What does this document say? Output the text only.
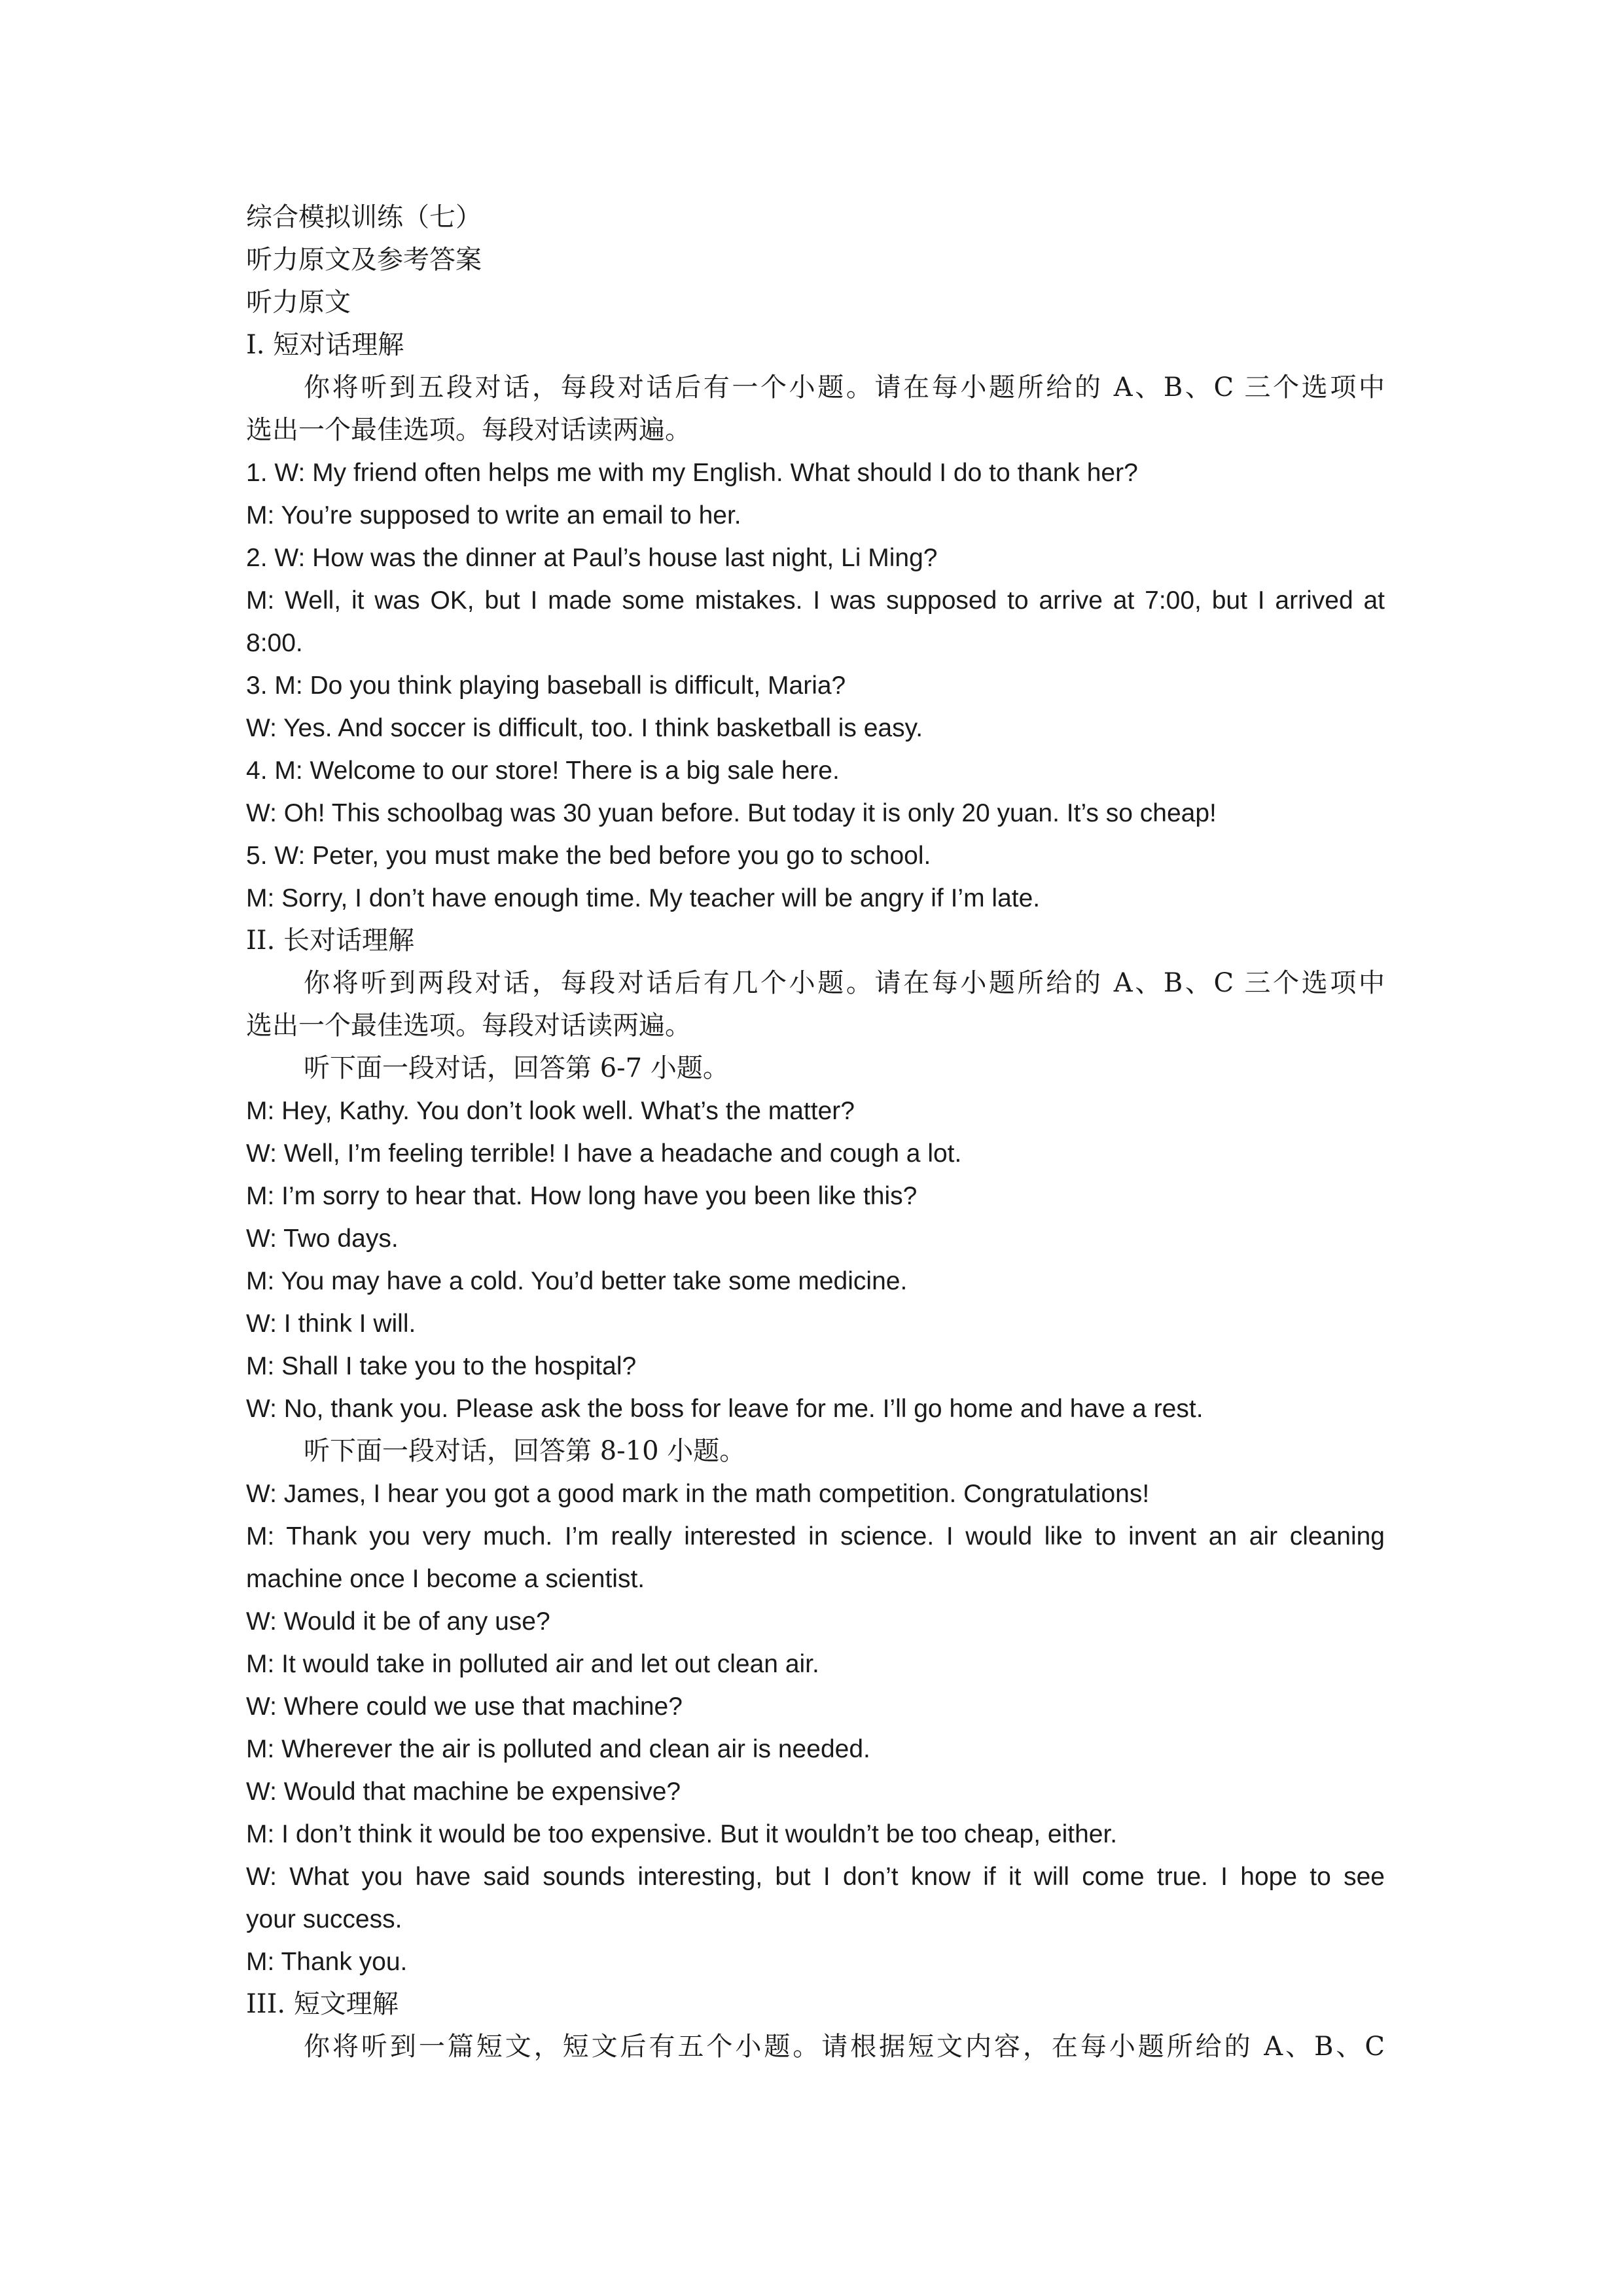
综合模拟训练（七）
听力原文及参考答案
听力原文
I. 短对话理解
你将听到五段对话，每段对话后有一个小题。请在每小题所给的 A、B、C 三个选项中
选出一个最佳选项。每段对话读两遍。
1. W: My friend often helps me with my English. What should I do to thank her?
M: You’re supposed to write an email to her.
2. W: How was the dinner at Paul’s house last night, Li Ming?
M: Well, it was OK, but I made some mistakes. I was supposed to arrive at 7:00, but I arrived at
8:00.
3. M: Do you think playing baseball is difficult, Maria?
W: Yes. And soccer is difficult, too. I think basketball is easy.
4. M: Welcome to our store! There is a big sale here.
W: Oh! This schoolbag was 30 yuan before. But today it is only 20 yuan. It’s so cheap!
5. W: Peter, you must make the bed before you go to school.
M: Sorry, I don’t have enough time. My teacher will be angry if I’m late.
II. 长对话理解
你将听到两段对话，每段对话后有几个小题。请在每小题所给的 A、B、C 三个选项中
选出一个最佳选项。每段对话读两遍。
听下面一段对话，回答第 6-7 小题。
M: Hey, Kathy. You don’t look well. What’s the matter?
W: Well, I’m feeling terrible! I have a headache and cough a lot.
M: I’m sorry to hear that. How long have you been like this?
W: Two days.
M: You may have a cold. You’d better take some medicine.
W: I think I will.
M: Shall I take you to the hospital?
W: No, thank you. Please ask the boss for leave for me. I’ll go home and have a rest.
听下面一段对话，回答第 8-10 小题。
W: James, I hear you got a good mark in the math competition. Congratulations!
M: Thank you very much. I’m really interested in science. I would like to invent an air cleaning
machine once I become a scientist.
W: Would it be of any use?
M: It would take in polluted air and let out clean air.
W: Where could we use that machine?
M: Wherever the air is polluted and clean air is needed.
W: Would that machine be expensive?
M: I don’t think it would be too expensive. But it wouldn’t be too cheap, either.
W: What you have said sounds interesting, but I don’t know if it will come true. I hope to see
your success.
M: Thank you.
III. 短文理解
你将听到一篇短文，短文后有五个小题。请根据短文内容，在每小题所给的 A、B、C
